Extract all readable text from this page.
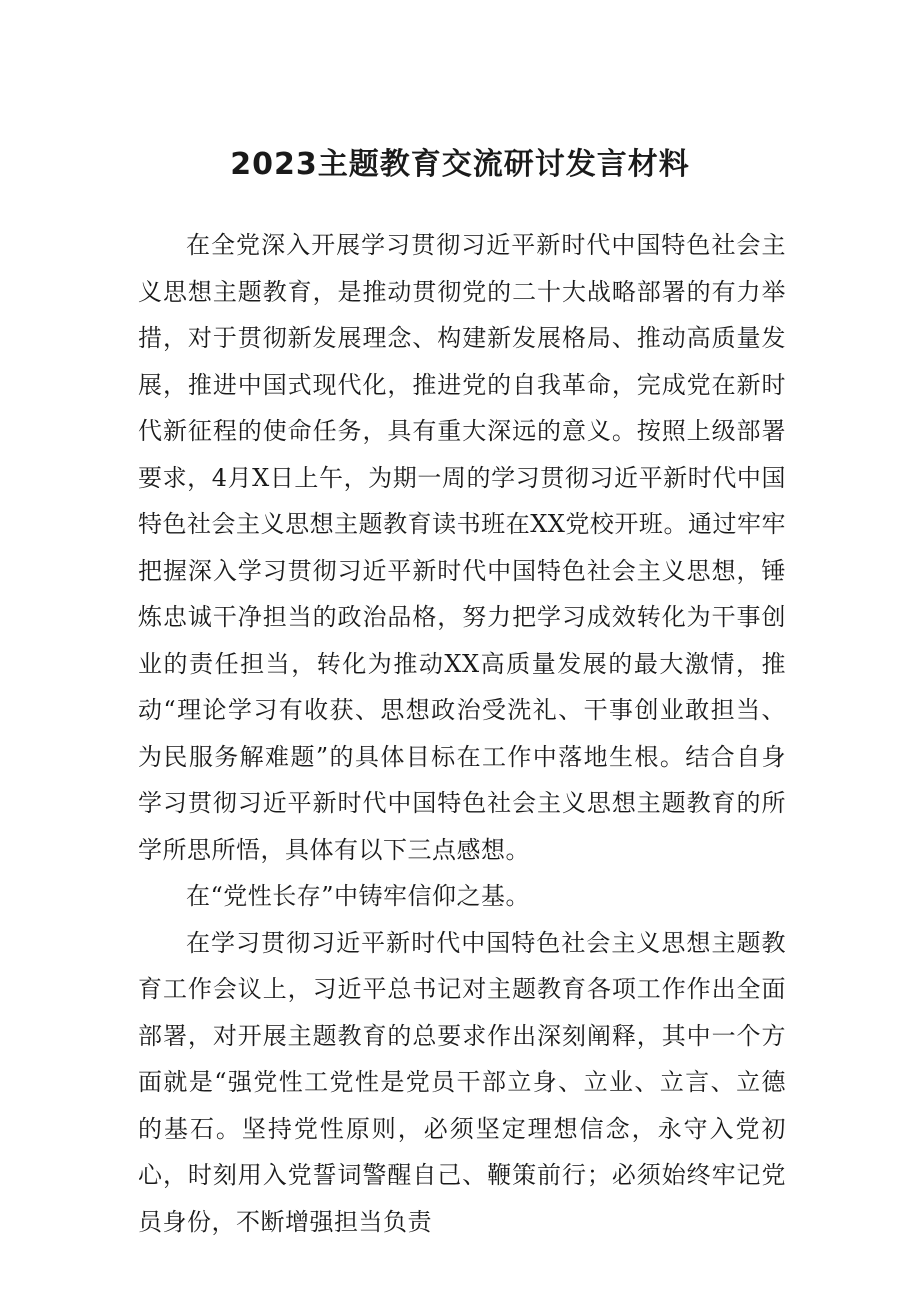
2023主题教育交流研讨发言材料

在全党深入开展学习贯彻习近平新时代中国特色社会主义思想主题教育，是推动贯彻党的二十大战略部署的有力举措，对于贯彻新发展理念、构建新发展格局、推动高质量发展，推进中国式现代化，推进党的自我革命，完成党在新时代新征程的使命任务，具有重大深远的意义。按照上级部署要求，4月X日上午，为期一周的学习贯彻习近平新时代中国特色社会主义思想主题教育读书班在XX党校开班。通过牢牢把握深入学习贯彻习近平新时代中国特色社会主义思想，锤炼忠诚干净担当的政治品格，努力把学习成效转化为干事创业的责任担当，转化为推动XX高质量发展的最大激情，推动“理论学习有收获、思想政治受洗礼、干事创业敢担当、为民服务解难题”的具体目标在工作中落地生根。结合自身学习贯彻习近平新时代中国特色社会主义思想主题教育的所学所思所悟，具体有以下三点感想。

在“党性长存”中铸牢信仰之基。

在学习贯彻习近平新时代中国特色社会主义思想主题教育工作会议上，习近平总书记对主题教育各项工作作出全面部署，对开展主题教育的总要求作出深刻阐释，其中一个方面就是“强党性工党性是党员干部立身、立业、立言、立德的基石。坚持党性原则，必须坚定理想信念，永守入党初心，时刻用入党誓词警醒自己、鞭策前行；必须始终牢记党员身份，不断增强担当负责
